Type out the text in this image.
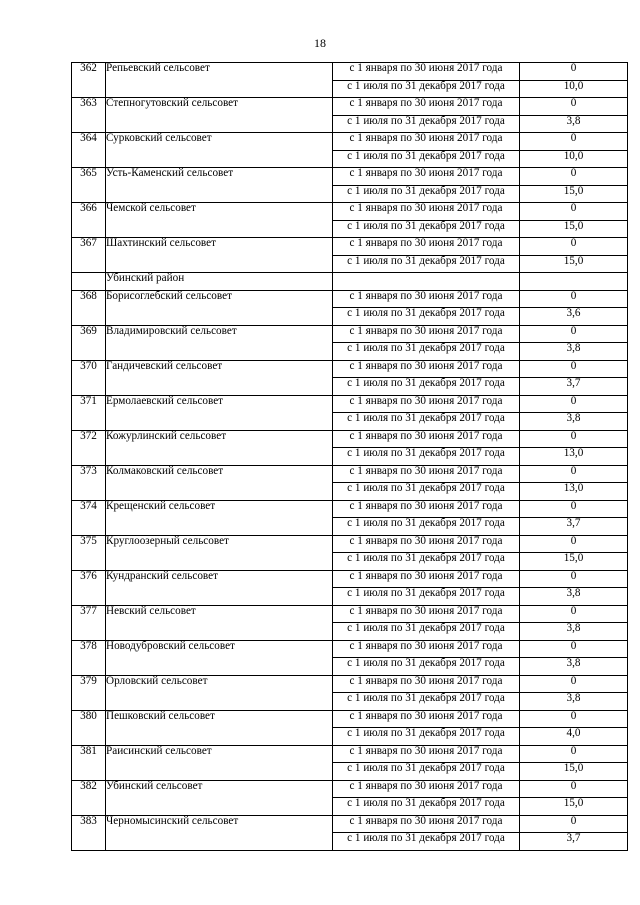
18
362	Репьевский сельсовет	с 1 января по 30 июня 2017 года	0
		с 1 июля по 31 декабря 2017 года	10,0
363	Степногутовский сельсовет	с 1 января по 30 июня 2017 года	0
		с 1 июля по 31 декабря 2017 года	3,8
364	Сурковский сельсовет	с 1 января по 30 июня 2017 года	0
		с 1 июля по 31 декабря 2017 года	10,0
365	Усть-Каменский сельсовет	с 1 января по 30 июня 2017 года	0
		с 1 июля по 31 декабря 2017 года	15,0
366	Чемской сельсовет	с 1 января по 30 июня 2017 года	0
		с 1 июля по 31 декабря 2017 года	15,0
367	Шахтинский сельсовет	с 1 января по 30 июня 2017 года	0
		с 1 июля по 31 декабря 2017 года	15,0
	Убинский район		
368	Борисоглебский сельсовет	с 1 января по 30 июня 2017 года	0
		с 1 июля по 31 декабря 2017 года	3,6
369	Владимировский сельсовет	с 1 января по 30 июня 2017 года	0
		с 1 июля по 31 декабря 2017 года	3,8
370	Гандичевский сельсовет	с 1 января по 30 июня 2017 года	0
		с 1 июля по 31 декабря 2017 года	3,7
371	Ермолаевский сельсовет	с 1 января по 30 июня 2017 года	0
		с 1 июля по 31 декабря 2017 года	3,8
372	Кожурлинский сельсовет	с 1 января по 30 июня 2017 года	0
		с 1 июля по 31 декабря 2017 года	13,0
373	Колмаковский сельсовет	с 1 января по 30 июня 2017 года	0
		с 1 июля по 31 декабря 2017 года	13,0
374	Крещенский сельсовет	с 1 января по 30 июня 2017 года	0
		с 1 июля по 31 декабря 2017 года	3,7
375	Круглоозерный сельсовет	с 1 января по 30 июня 2017 года	0
		с 1 июля по 31 декабря 2017 года	15,0
376	Кундранский сельсовет	с 1 января по 30 июня 2017 года	0
		с 1 июля по 31 декабря 2017 года	3,8
377	Невский сельсовет	с 1 января по 30 июня 2017 года	0
		с 1 июля по 31 декабря 2017 года	3,8
378	Новодубровский сельсовет	с 1 января по 30 июня 2017 года	0
		с 1 июля по 31 декабря 2017 года	3,8
379	Орловский сельсовет	с 1 января по 30 июня 2017 года	0
		с 1 июля по 31 декабря 2017 года	3,8
380	Пешковский сельсовет	с 1 января по 30 июня 2017 года	0
		с 1 июля по 31 декабря 2017 года	4,0
381	Раисинский сельсовет	с 1 января по 30 июня 2017 года	0
		с 1 июля по 31 декабря 2017 года	15,0
382	Убинский сельсовет	с 1 января по 30 июня 2017 года	0
		с 1 июля по 31 декабря 2017 года	15,0
383	Черномысинский сельсовет	с 1 января по 30 июня 2017 года	0
		с 1 июля по 31 декабря 2017 года	3,7
